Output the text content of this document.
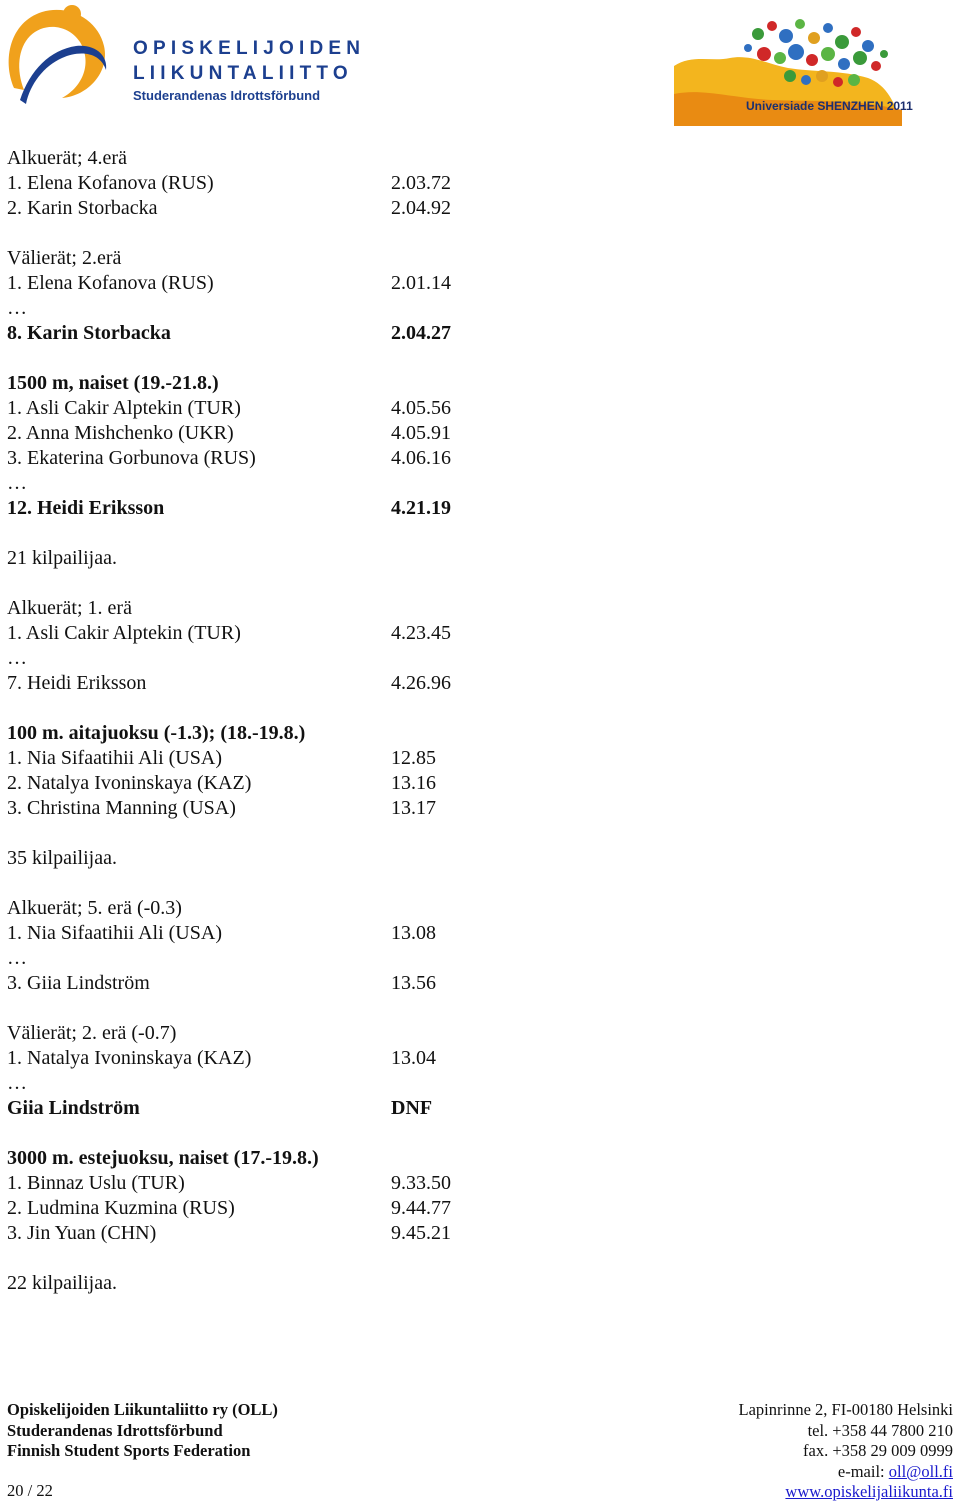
OPISKELIJOIDEN
LIIKUNTALIITTO
Studerandenas Idrottsförbund
Universiade SHENZHEN 2011
Alkuerät; 4.erä
1. Elena Kofanova (RUS)	2.03.72
2. Karin Storbacka	2.04.92
Välierät; 2.erä
1. Elena Kofanova (RUS)	2.01.14
…
8. Karin Storbacka	2.04.27
1500 m, naiset (19.-21.8.)
1. Asli Cakir Alptekin (TUR)	4.05.56
2. Anna Mishchenko (UKR)	4.05.91
3. Ekaterina Gorbunova (RUS)	4.06.16
…
12. Heidi Eriksson	4.21.19
21 kilpailijaa.
Alkuerät; 1. erä
1. Asli Cakir Alptekin (TUR)	4.23.45
…
7. Heidi Eriksson	4.26.96
100 m. aitajuoksu (-1.3); (18.-19.8.)
1. Nia Sifaatihii Ali (USA)	12.85
2. Natalya Ivoninskaya (KAZ)	13.16
3. Christina Manning (USA)	13.17
35 kilpailijaa.
Alkuerät; 5. erä (-0.3)
1. Nia Sifaatihii Ali (USA)	13.08
…
3. Giia Lindström	13.56
Välierät; 2. erä (-0.7)
1. Natalya Ivoninskaya (KAZ)	13.04
…
Giia Lindström	DNF
3000 m. estejuoksu, naiset (17.-19.8.)
1. Binnaz Uslu (TUR)	9.33.50
2. Ludmina Kuzmina (RUS)	9.44.77
3. Jin Yuan (CHN)	9.45.21
22 kilpailijaa.
Opiskelijoiden Liikuntaliitto ry (OLL)
Studerandenas Idrottsförbund
Finnish Student Sports Federation
Lapinrinne 2, FI-00180 Helsinki
tel. +358 44 7800 210
fax. +358 29 009 0999
e-mail: oll@oll.fi
www.opiskelijaliikunta.fi
20 / 22
